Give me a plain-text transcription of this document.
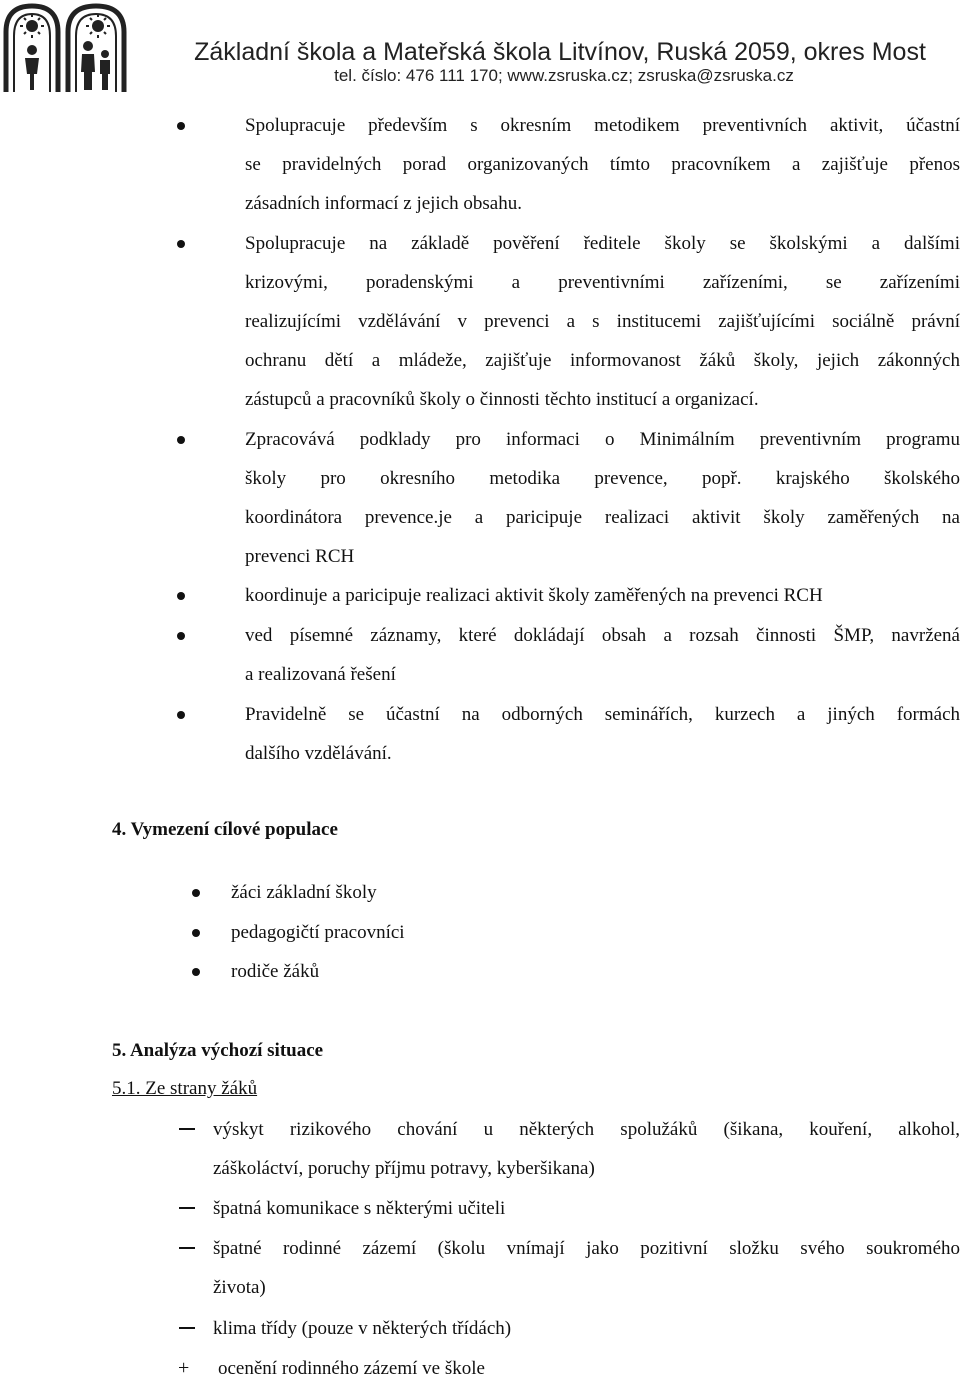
Základní škola a Mateřská škola Litvínov, Ruská 2059, okres Most
tel. číslo: 476 111 170; www.zsruska.cz; zsruska@zsruska.cz
Spolupracuje především s okresním metodikem preventivních aktivit, účastní
se pravidelných porad organizovaných tímto pracovníkem a zajišťuje přenos
zásadních informací z jejich obsahu.
Spolupracuje na základě pověření ředitele školy se školskými a dalšími
krizovými, poradenskými a preventivními zařízeními, se zařízeními
realizujícími vzdělávání v prevenci a s institucemi zajišťujícími sociálně právní
ochranu dětí a mládeže, zajišťuje informovanost žáků školy, jejich zákonných
zástupců a pracovníků školy o činnosti těchto institucí a organizací.
Zpracovává podklady pro informaci o Minimálním preventivním programu
školy pro okresního metodika prevence, popř. krajského školského
koordinátora prevence.je a paricipuje realizaci aktivit školy zaměřených na
prevenci RCH
koordinuje a paricipuje realizaci aktivit školy zaměřených na prevenci RCH
ved písemné záznamy, které dokládají obsah a rozsah činnosti ŠMP, navržená
a realizovaná řešení
Pravidelně se účastní na odborných seminářích, kurzech a jiných formách
dalšího vzdělávání.
4. Vymezení cílové populace
žáci základní školy
pedagogičtí pracovníci
rodiče žáků
5. Analýza výchozí situace
5.1. Ze strany žáků
výskyt rizikového chování u některých spolužáků (šikana, kouření, alkohol,
záškoláctví, poruchy příjmu potravy, kyberšikana)
špatná komunikace s některými učiteli
špatné rodinné zázemí (školu vnímají jako pozitivní složku svého soukromého
života)
klima třídy (pouze v některých třídách)
+ ocenění rodinného zázemí ve škole
